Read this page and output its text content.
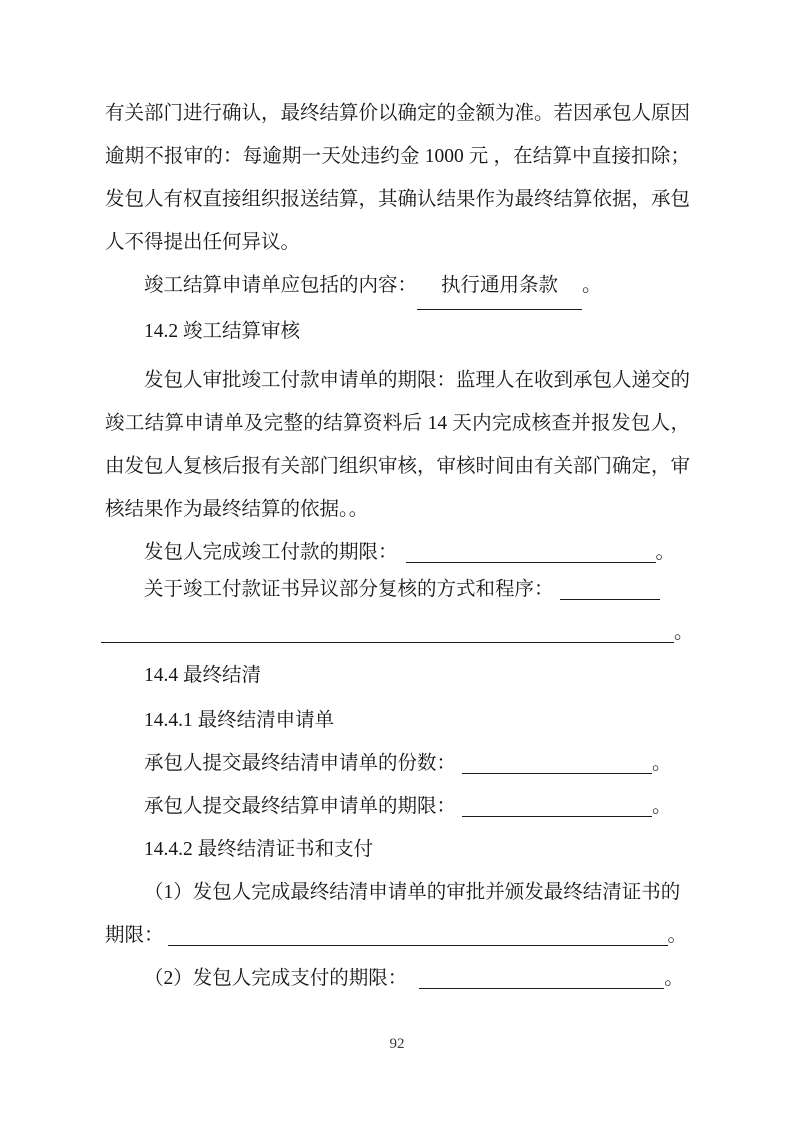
有关部门进行确认，最终结算价以确定的金额为准。若因承包人原因逾期不报审的：每逾期一天处违约金 1000 元 ，在结算中直接扣除；发包人有权直接组织报送结算，其确认结果作为最终结算依据，承包人不得提出任何异议。

竣工结算申请单应包括的内容： 执行通用条款 。

14.2 竣工结算审核

发包人审批竣工付款申请单的期限：监理人在收到承包人递交的竣工结算申请单及完整的结算资料后 14 天内完成核查并报发包人，由发包人复核后报有关部门组织审核，审核时间由有关部门确定，审核结果作为最终结算的依据。。

发包人完成竣工付款的期限：	。

关于竣工付款证书异议部分复核的方式和程序：

。

14.4 最终结清

14.4.1 最终结清申请单

承包人提交最终结清申请单的份数：	。

承包人提交最终结算申请单的期限：	。

14.4.2 最终结清证书和支付

（1）发包人完成最终结清申请单的审批并颁发最终结清证书的

期限：	。

（2）发包人完成支付的期限：	。

92
